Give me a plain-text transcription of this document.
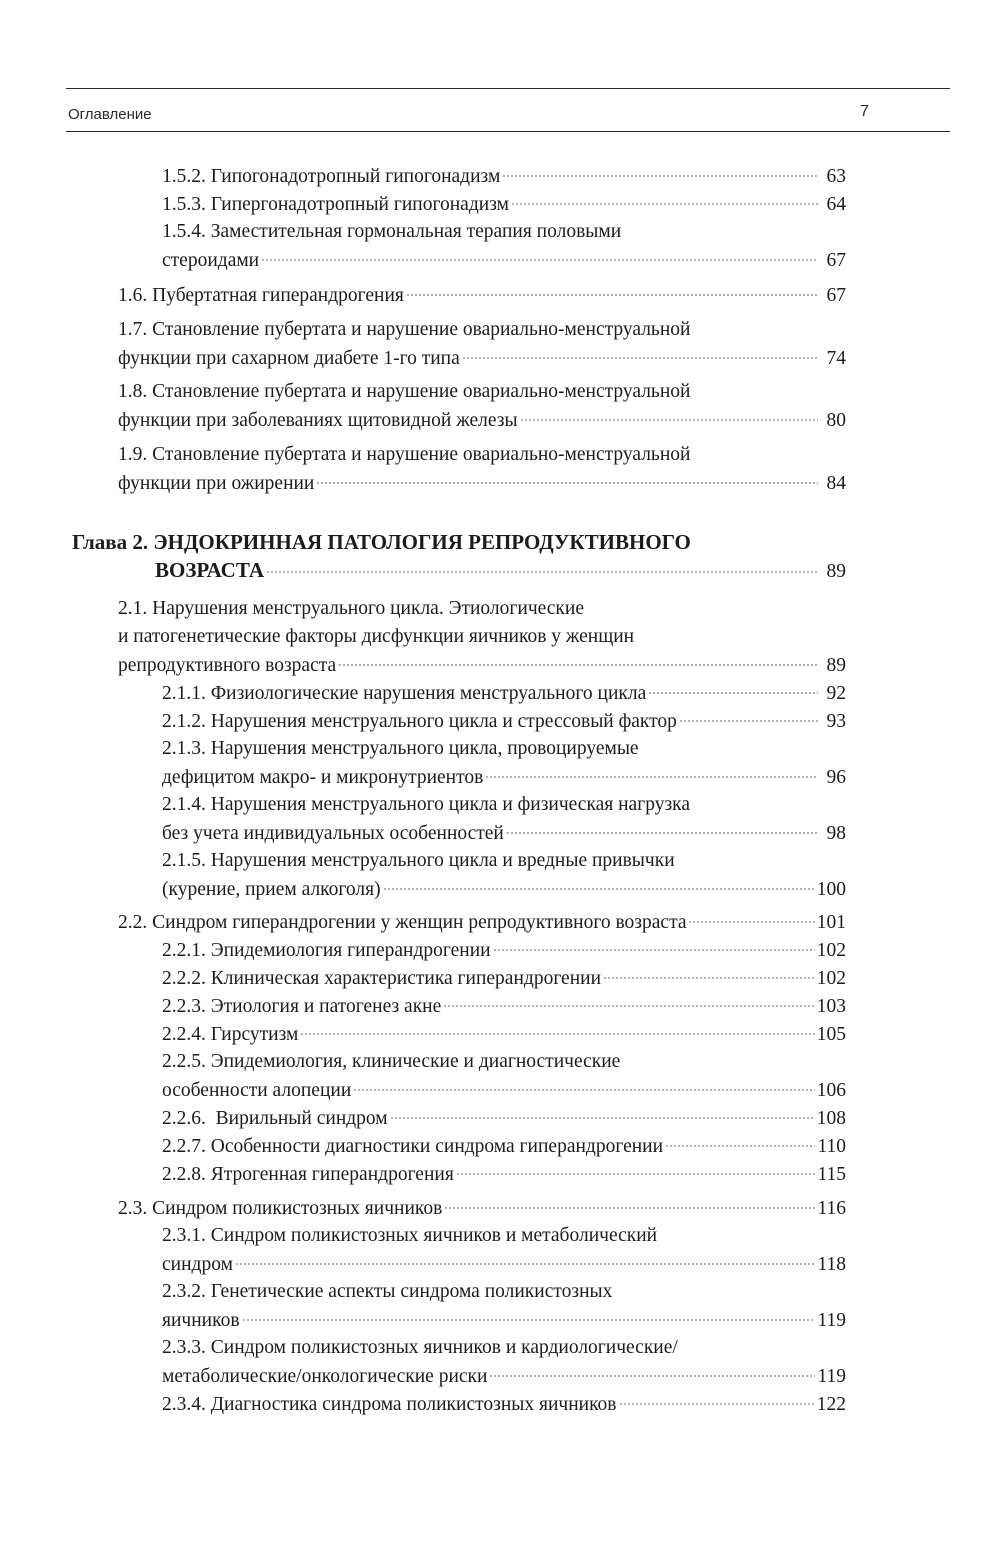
Оглавление	7
1.5.2. Гипогонадотропный гипогонадизм	63
1.5.3. Гипергонадотропный гипогонадизм	64
1.5.4. Заместительная гормональная терапия половыми
стероидами	67
1.6. Пубертатная гиперандрогения	67
1.7. Становление пубертата и нарушение овариально-менструальной
функции при сахарном диабете 1-го типа	74
1.8. Становление пубертата и нарушение овариально-менструальной
функции при заболеваниях щитовидной железы	80
1.9. Становление пубертата и нарушение овариально-менструальной
функции при ожирении	84
Глава 2. ЭНДОКРИННАЯ ПАТОЛОГИЯ РЕПРОДУКТИВНОГО
ВОЗРАСТА	89
2.1. Нарушения менструального цикла. Этиологические
и патогенетические факторы дисфункции яичников у женщин
репродуктивного возраста	89
2.1.1. Физиологические нарушения менструального цикла	92
2.1.2. Нарушения менструального цикла и стрессовый фактор	93
2.1.3. Нарушения менструального цикла, провоцируемые
дефицитом макро- и микронутриентов	96
2.1.4. Нарушения менструального цикла и физическая нагрузка
без учета индивидуальных особенностей	98
2.1.5. Нарушения менструального цикла и вредные привычки
(курение, прием алкоголя)	100
2.2. Синдром гиперандрогении у женщин репродуктивного возраста	101
2.2.1. Эпидемиология гиперандрогении	102
2.2.2. Клиническая характеристика гиперандрогении	102
2.2.3. Этиология и патогенез акне	103
2.2.4. Гирсутизм	105
2.2.5. Эпидемиология, клинические и диагностические
особенности алопеции	106
2.2.6.  Вирильный синдром	108
2.2.7. Особенности диагностики синдрома гиперандрогении	110
2.2.8. Ятрогенная гиперандрогения	115
2.3. Синдром поликистозных яичников	116
2.3.1. Синдром поликистозных яичников и метаболический
синдром	118
2.3.2. Генетические аспекты синдрома поликистозных
яичников	119
2.3.3. Синдром поликистозных яичников и кардиологические/
метаболические/онкологические риски	119
2.3.4. Диагностика синдрома поликистозных яичников	122
